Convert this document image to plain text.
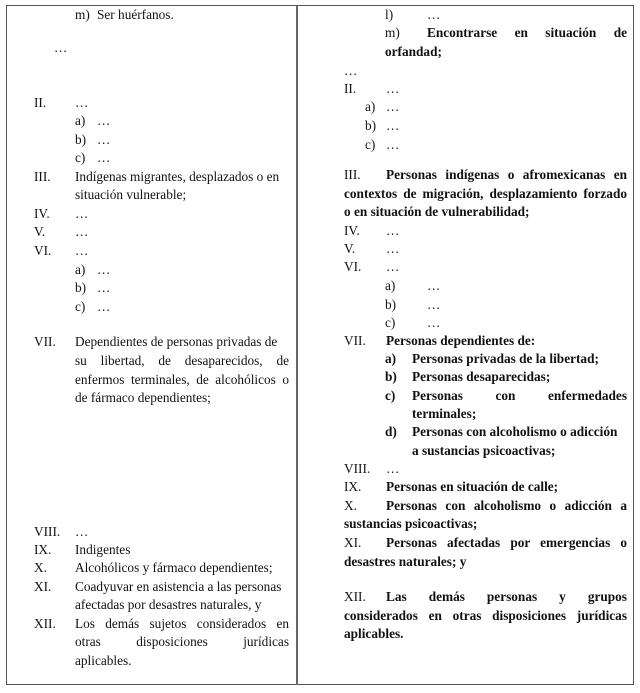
m) Ser huérfanos.
…
II. …
a) …
b) …
c) …
III. Indígenas migrantes, desplazados o en
situación vulnerable;
IV. …
V. …
VI. …
a) …
b) …
c) …
VII. Dependientes de personas privadas de
su libertad, de desaparecidos, de
enfermos terminales, de alcohólicos o
de fármaco dependientes;
VIII. …
IX. Indigentes
X. Alcohólicos y fármaco dependientes;
XI. Coadyuvar en asistencia a las personas
afectadas por desastres naturales, y
XII. Los demás sujetos considerados en
otras disposiciones jurídicas
aplicables.
l)	…
m) Encontrarse en situación de
orfandad;
…
II. …
a) …
b) …
c) …
III. Personas indígenas o afromexicanas en
contextos de migración, desplazamiento forzado
o en situación de vulnerabilidad;
IV. …
V. …
VI. …
a) …
b) …
c) …
VII. Personas dependientes de:
a) Personas privadas de la libertad;
b) Personas desaparecidas;
c) Personas con enfermedades
terminales;
d) Personas con alcoholismo o adicción
a sustancias psicoactivas;
VIII. …
IX. Personas en situación de calle;
X. Personas con alcoholismo o adicción a
sustancias psicoactivas;
XI. Personas afectadas por emergencias o
desastres naturales; y
XII. Las demás personas y grupos
considerados en otras disposiciones jurídicas
aplicables.
